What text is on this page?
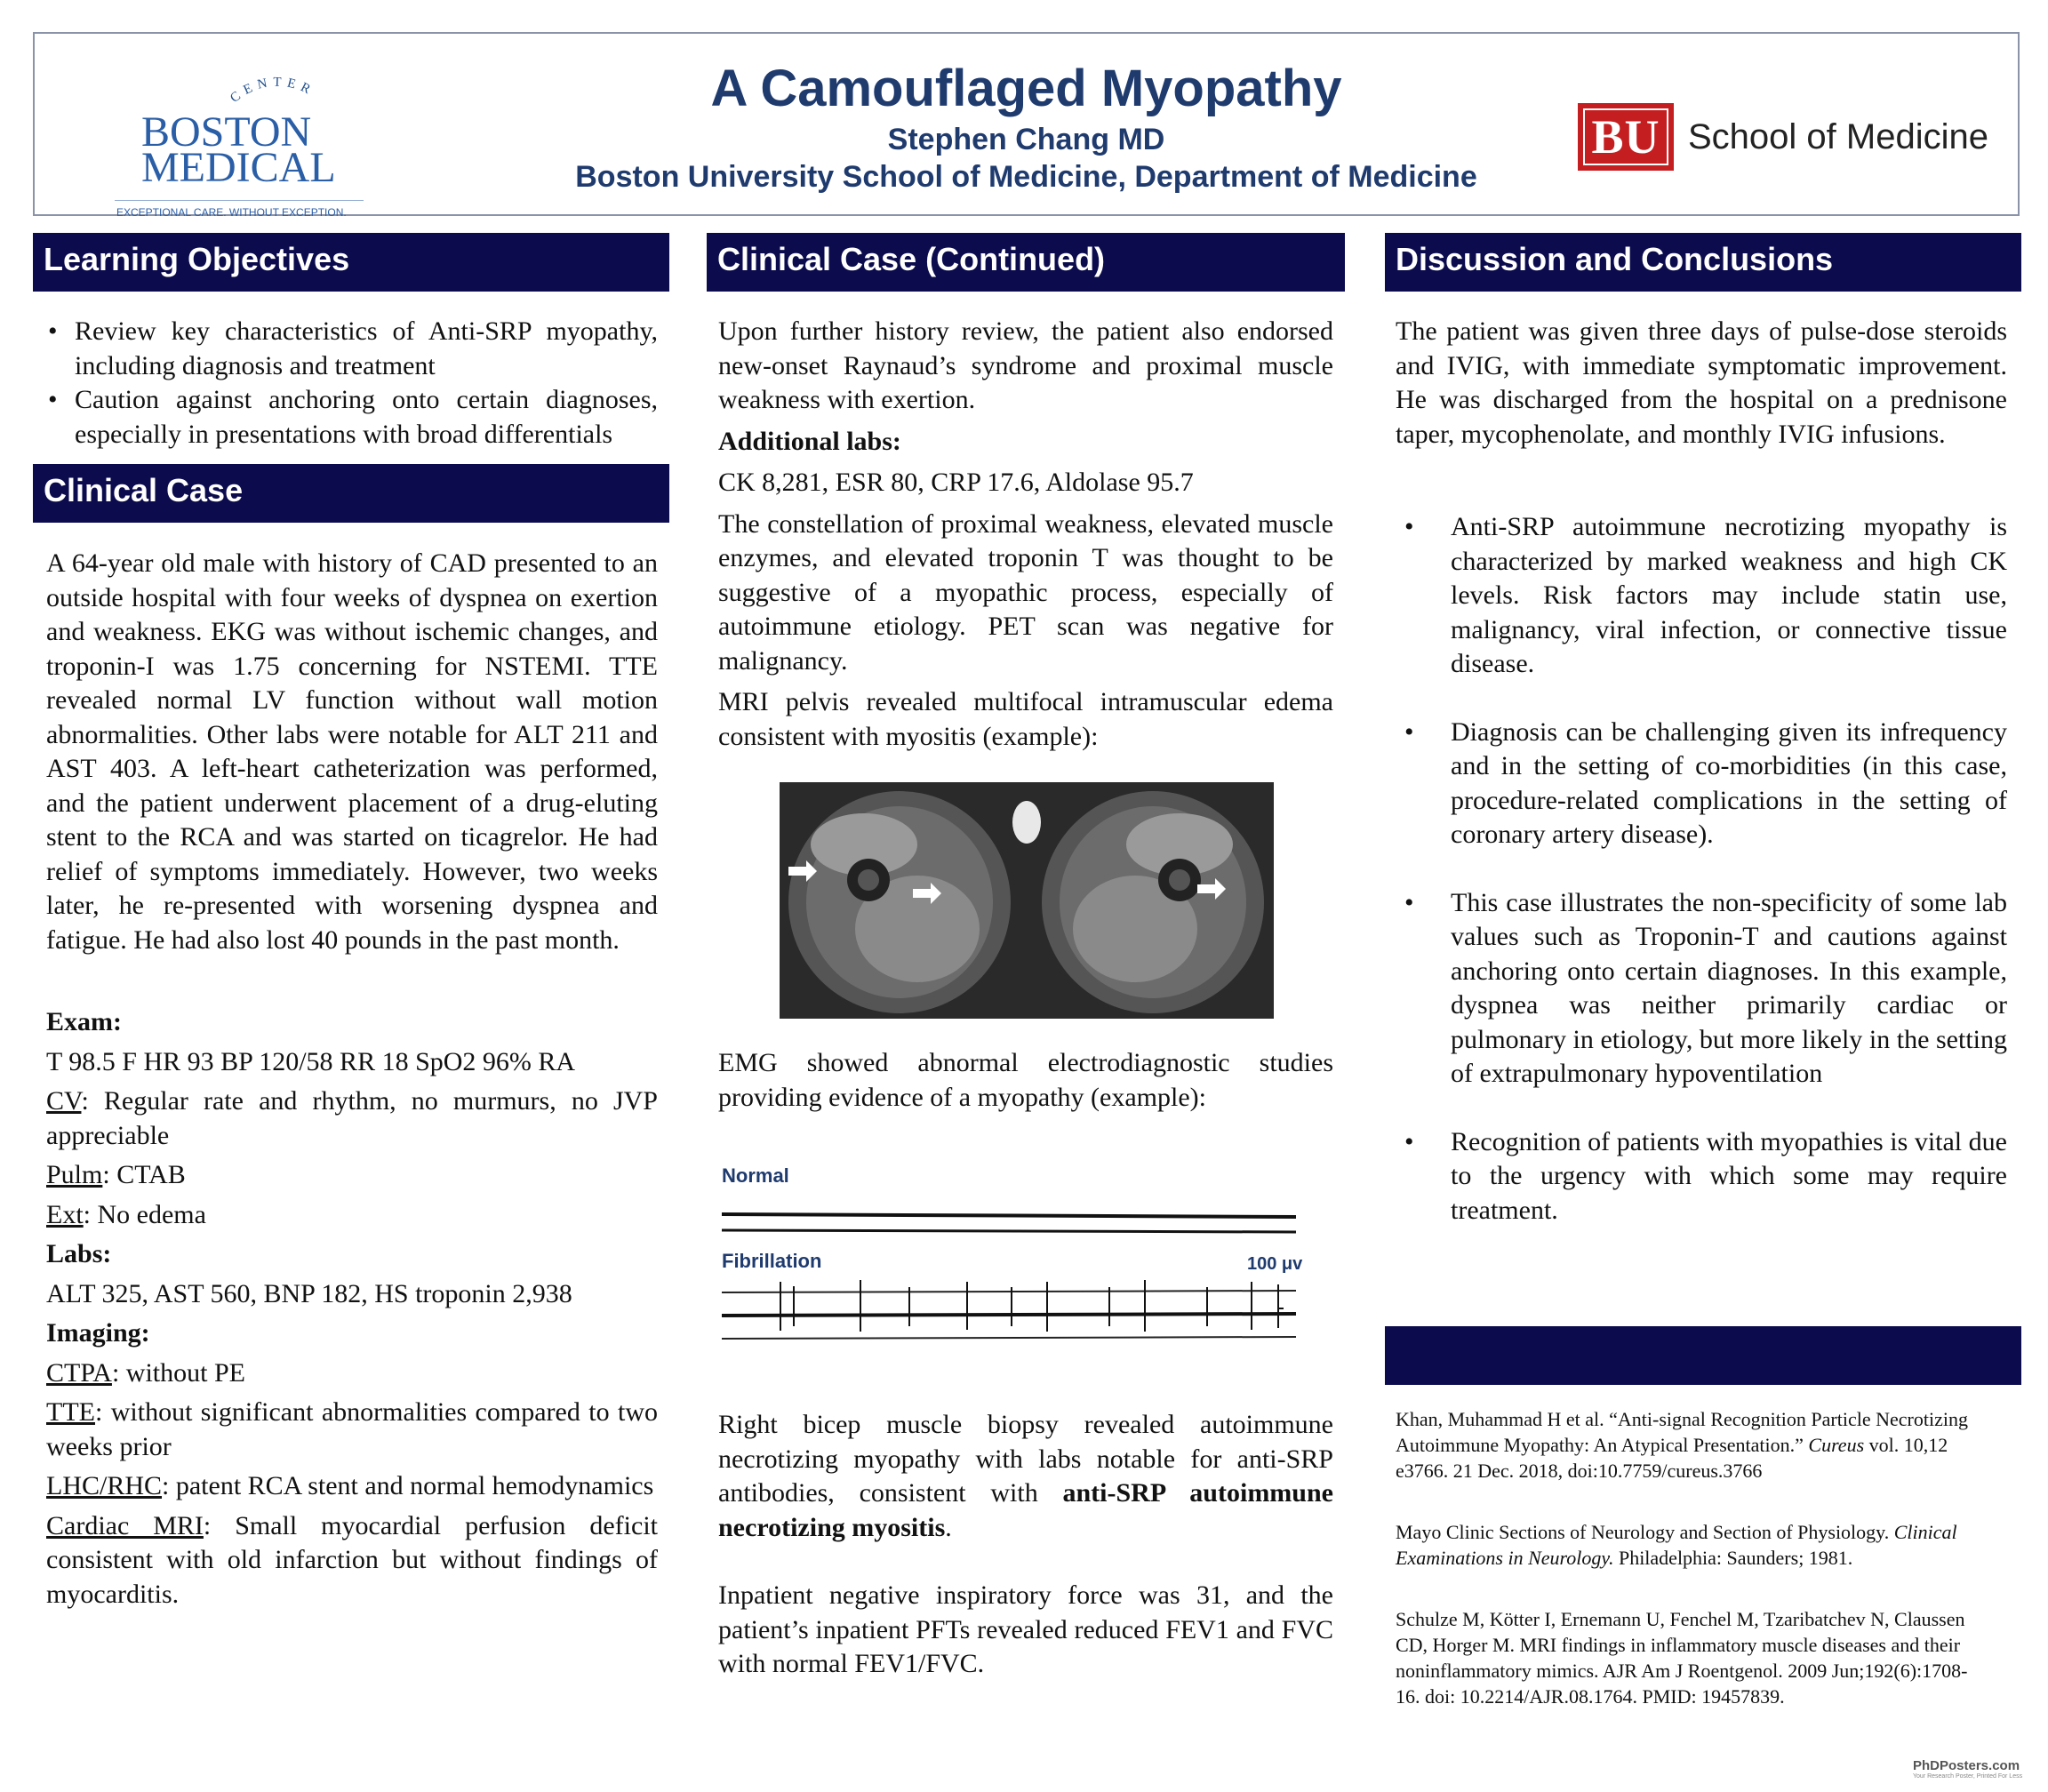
CENTER
BOSTON
MEDICAL
EXCEPTIONAL CARE. WITHOUT EXCEPTION.
A Camouflaged Myopathy
Stephen Chang MD
Boston University School of Medicine, Department of Medicine
BU School of Medicine
Learning Objectives
• Review key characteristics of Anti-SRP myopathy, including diagnosis and treatment
• Caution against anchoring onto certain diagnoses, especially in presentations with broad differentials
Clinical Case

A 64-year old male with history of CAD presented to an outside hospital with four weeks of dyspnea on exertion and weakness. EKG was without ischemic changes, and troponin-I was 1.75 concerning for NSTEMI. TTE revealed normal LV function without wall motion abnormalities. Other labs were notable for ALT 211 and AST 403. A left-heart catheterization was performed, and the patient underwent placement of a drug-eluting stent to the RCA and was started on ticagrelor. He had relief of symptoms immediately. However, two weeks later, he re-presented with worsening dyspnea and fatigue. He had also lost 40 pounds in the past month.

Exam:

T 98.5 F HR 93 BP 120/58 RR 18 SpO2 96% RA

CV: Regular rate and rhythm, no murmurs, no JVP appreciable

Pulm: CTAB

Ext: No edema

Labs:

ALT 325, AST 560, BNP 182, HS troponin 2,938

Imaging:

CTPA: without PE

TTE: without significant abnormalities compared to two weeks prior

LHC/RHC: patent RCA stent and normal hemodynamics

Cardiac MRI: Small myocardial perfusion deficit consistent with old infarction but without findings of myocarditis.

Clinical Case (Continued)

Upon further history review, the patient also endorsed new-onset Raynaud’s syndrome and proximal muscle weakness with exertion.

Additional labs:

CK 8,281, ESR 80, CRP 17.6, Aldolase 95.7

The constellation of proximal weakness, elevated muscle enzymes, and elevated troponin T was thought to be suggestive of a myopathic process, especially of autoimmune etiology. PET scan was negative for malignancy.

MRI pelvis revealed multifocal intramuscular edema consistent with myositis (example):

EMG showed abnormal electrodiagnostic studies providing evidence of a myopathy (example):
Normal
Fibrillation	100 μv

Right bicep muscle biopsy revealed autoimmune necrotizing myopathy with labs notable for anti-SRP antibodies, consistent with anti-SRP autoimmune necrotizing myositis.

Inpatient negative inspiratory force was 31, and the patient’s inpatient PFTs revealed reduced FEV1 and FVC with normal FEV1/FVC.

Discussion and Conclusions

The patient was given three days of pulse-dose steroids and IVIG, with immediate symptomatic improvement. He was discharged from the hospital on a prednisone taper, mycophenolate, and monthly IVIG infusions.

• Anti-SRP autoimmune necrotizing myopathy is characterized by marked weakness and high CK levels. Risk factors may include statin use, malignancy, viral infection, or connective tissue disease.
• Diagnosis can be challenging given its infrequency and in the setting of co-morbidities (in this case, procedure-related complications in the setting of coronary artery disease).
• This case illustrates the non-specificity of some lab values such as Troponin-T and cautions against anchoring onto certain diagnoses. In this example, dyspnea was neither primarily cardiac or pulmonary in etiology, but more likely in the setting of extrapulmonary hypoventilation
• Recognition of patients with myopathies is vital due to the urgency with which some may require treatment.

Khan, Muhammad H et al. “Anti-signal Recognition Particle Necrotizing Autoimmune Myopathy: An Atypical Presentation.” Cureus vol. 10,12 e3766. 21 Dec. 2018, doi:10.7759/cureus.3766

Mayo Clinic Sections of Neurology and Section of Physiology. Clinical Examinations in Neurology. Philadelphia: Saunders; 1981.

Schulze M, Kötter I, Ernemann U, Fenchel M, Tzaribatchev N, Claussen CD, Horger M. MRI findings in inflammatory muscle diseases and their noninflammatory mimics. AJR Am J Roentgenol. 2009 Jun;192(6):1708-16. doi: 10.2214/AJR.08.1764. PMID: 19457839.

PhDPosters.com
Your Research Poster, Printed For Less
